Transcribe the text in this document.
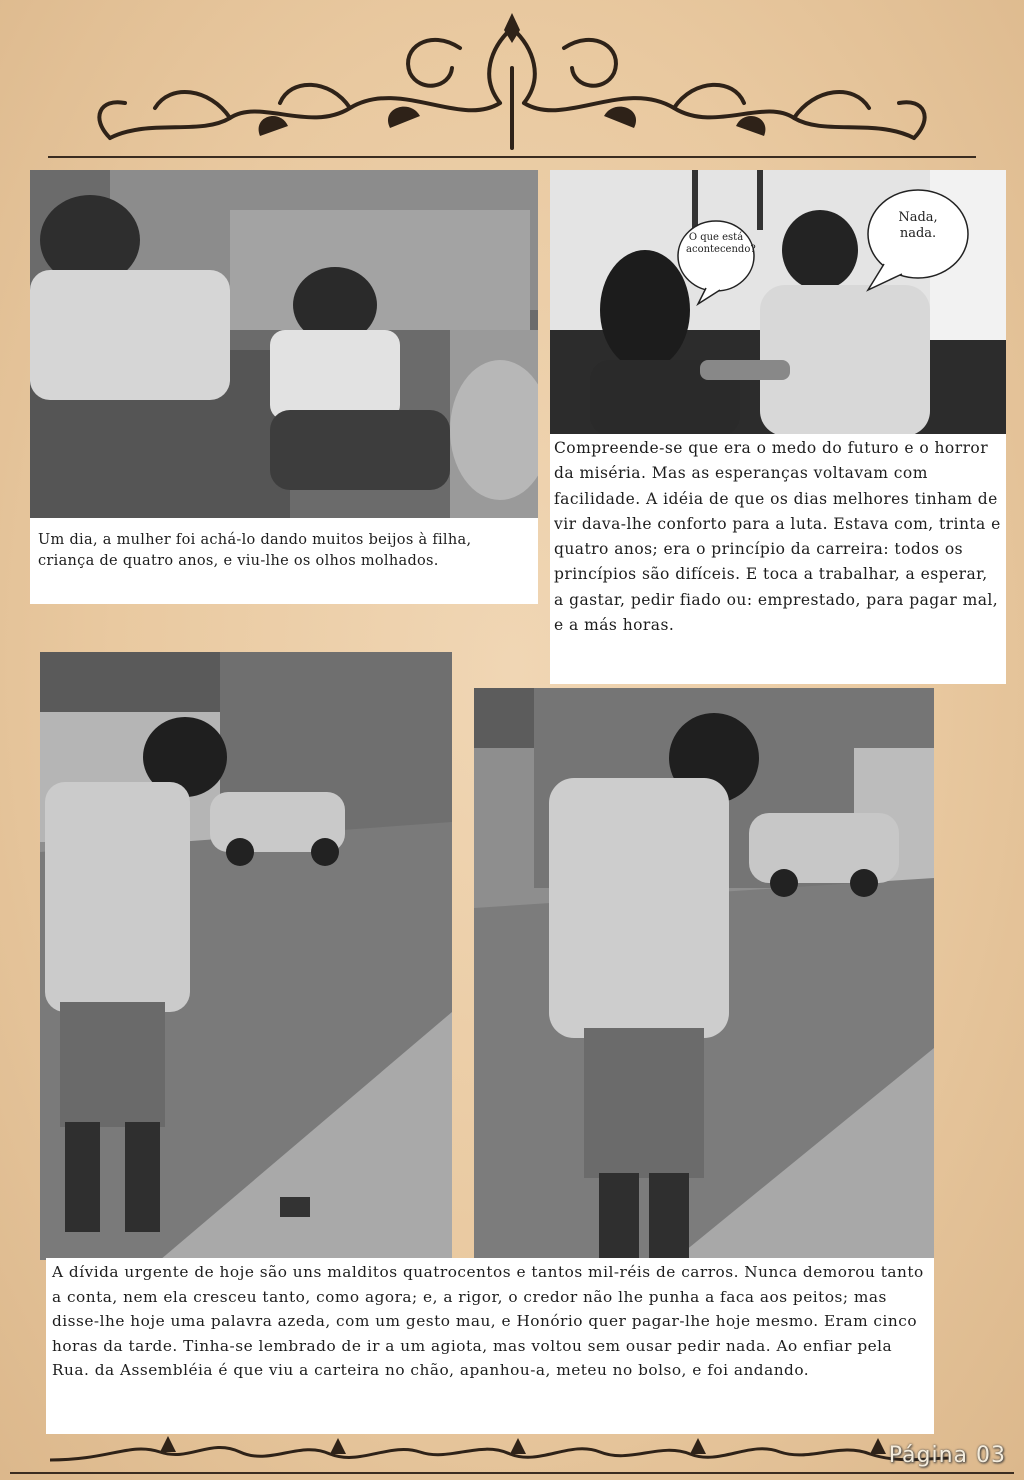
Um dia, a mulher foi achá-lo dando muitos beijos à filha, criança de quatro anos, e viu-lhe os olhos molhados.
O que está acontecendo?
Nada, nada.
Compreende-se que era o medo do futuro e o horror da miséria. Mas as esperanças voltavam com facilidade. A idéia de que os dias melhores tinham de vir dava-lhe conforto para a luta. Estava com, trinta e quatro anos; era o princípio da carreira: todos os princípios são difíceis. E toca a trabalhar, a esperar, a gastar, pedir fiado ou: emprestado, para pagar mal, e a más horas.
A dívida urgente de hoje são uns malditos quatrocentos e tantos mil-réis de carros. Nunca demorou tanto a conta, nem ela cresceu tanto, como agora; e, a rigor, o credor não lhe punha a faca aos peitos; mas disse-lhe hoje uma palavra azeda, com um gesto mau, e Honório quer pagar-lhe hoje mesmo. Eram cinco horas da tarde. Tinha-se lembrado de ir a um agiota, mas voltou sem ousar pedir nada. Ao enfiar pela Rua. da Assembléia é que viu a carteira no chão, apanhou-a, meteu no bolso, e foi andando.
Página 03
